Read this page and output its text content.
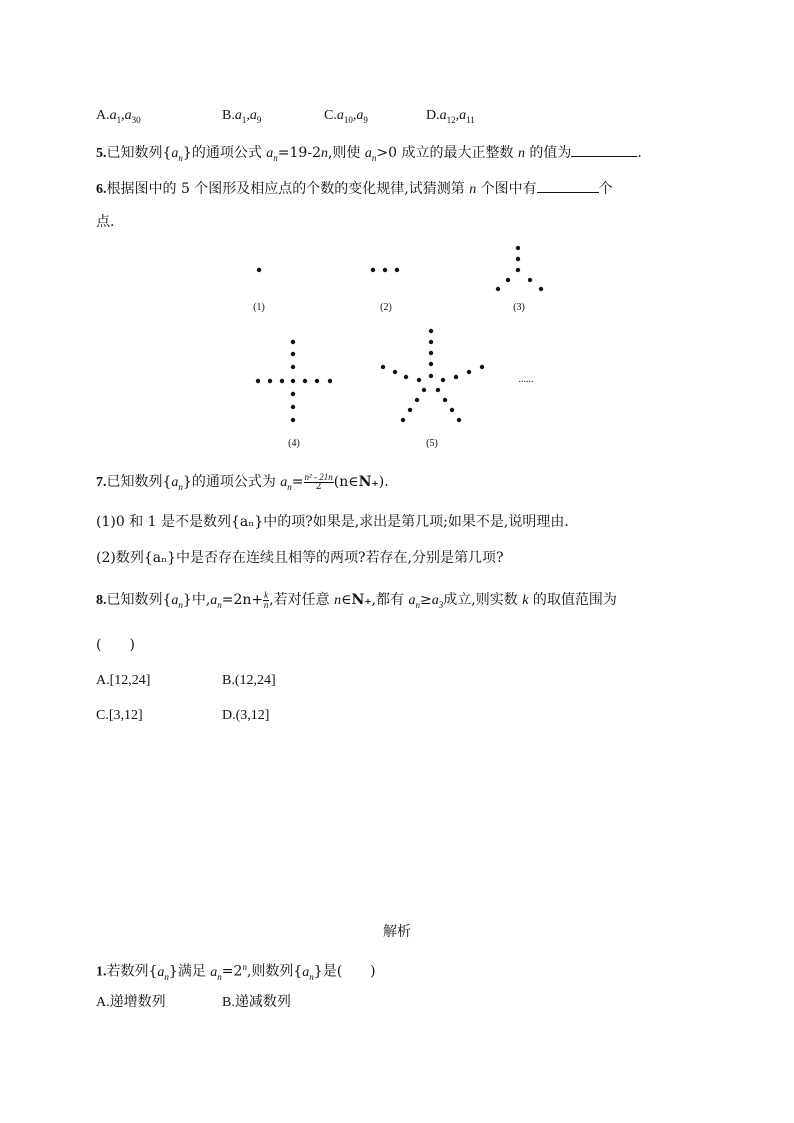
$A.a_1,a_{30}$	$B.a_1,a_9$	$C.a_{10},a_9$	$D.a_{12},a_{11}$
5.已知数列$\{a_n\}$的通项公式 $a_n=19-2n$,则使 $a_n>0$ 成立的最大正整数 n 的值为	.
6.根据图中的 5 个图形及相应点的个数的变化规律,试猜测第 n 个图中有	个
点.
(1)	(2)	(3)
(4)	(5)
......
7.已知数列$\{a_n\}$的通项公式为 $a_n= \frac{\text{n² - 21n}}{2}$ (n∈N₊).
(1)0 和 1 是不是数列{aₙ}中的项?如果是,求出是第几项;如果不是,说明理由.
(2)数列{aₙ}中是否存在连续且相等的两项?若存在,分别是第几项?
8.已知数列$\{a_n\}$中$,a_n=2n+ \frac{k}{n}$ ,若对任意 n∈N₊,都有 $a_n\ge a_3$成立,则实数 k 的取值范围为
(　　)
A.[12,24]	B.(12,24]
C.[3,12]	D.(3,12]
解析
1.若数列$\{a_n\}$满足 $a_n=2^n$,则数列$\{a_n\}$是(　　)
A.递增数列	B.递减数列
